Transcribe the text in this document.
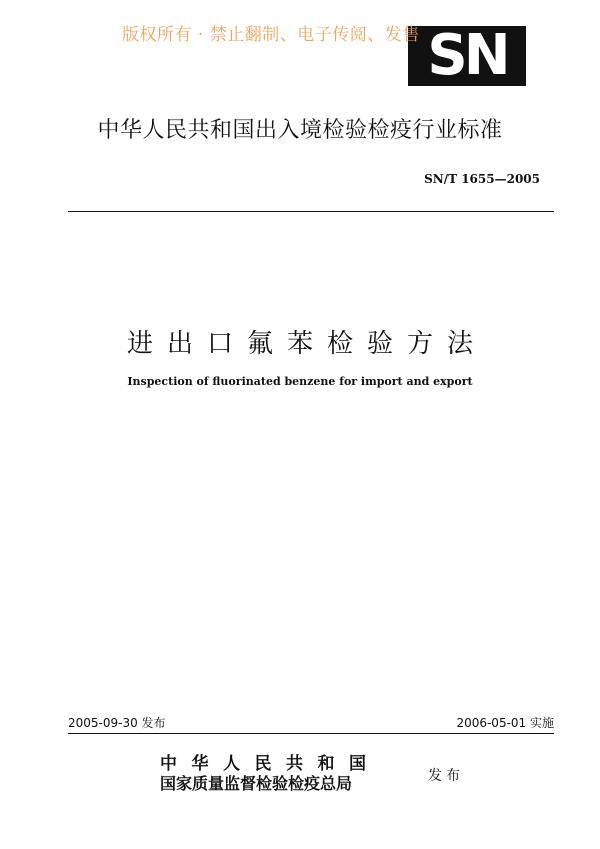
版权所有 · 禁止翻制、电子传阅、发售 SN
中华人民共和国出入境检验检疫行业标准
SN/T 1655—2005
进出口氟苯检验方法
Inspection of fluorinated benzene for import and export
2005-09-30 发布	2006-05-01 实施
中华人民共和国
国家质量监督检验检疫总局	发布
